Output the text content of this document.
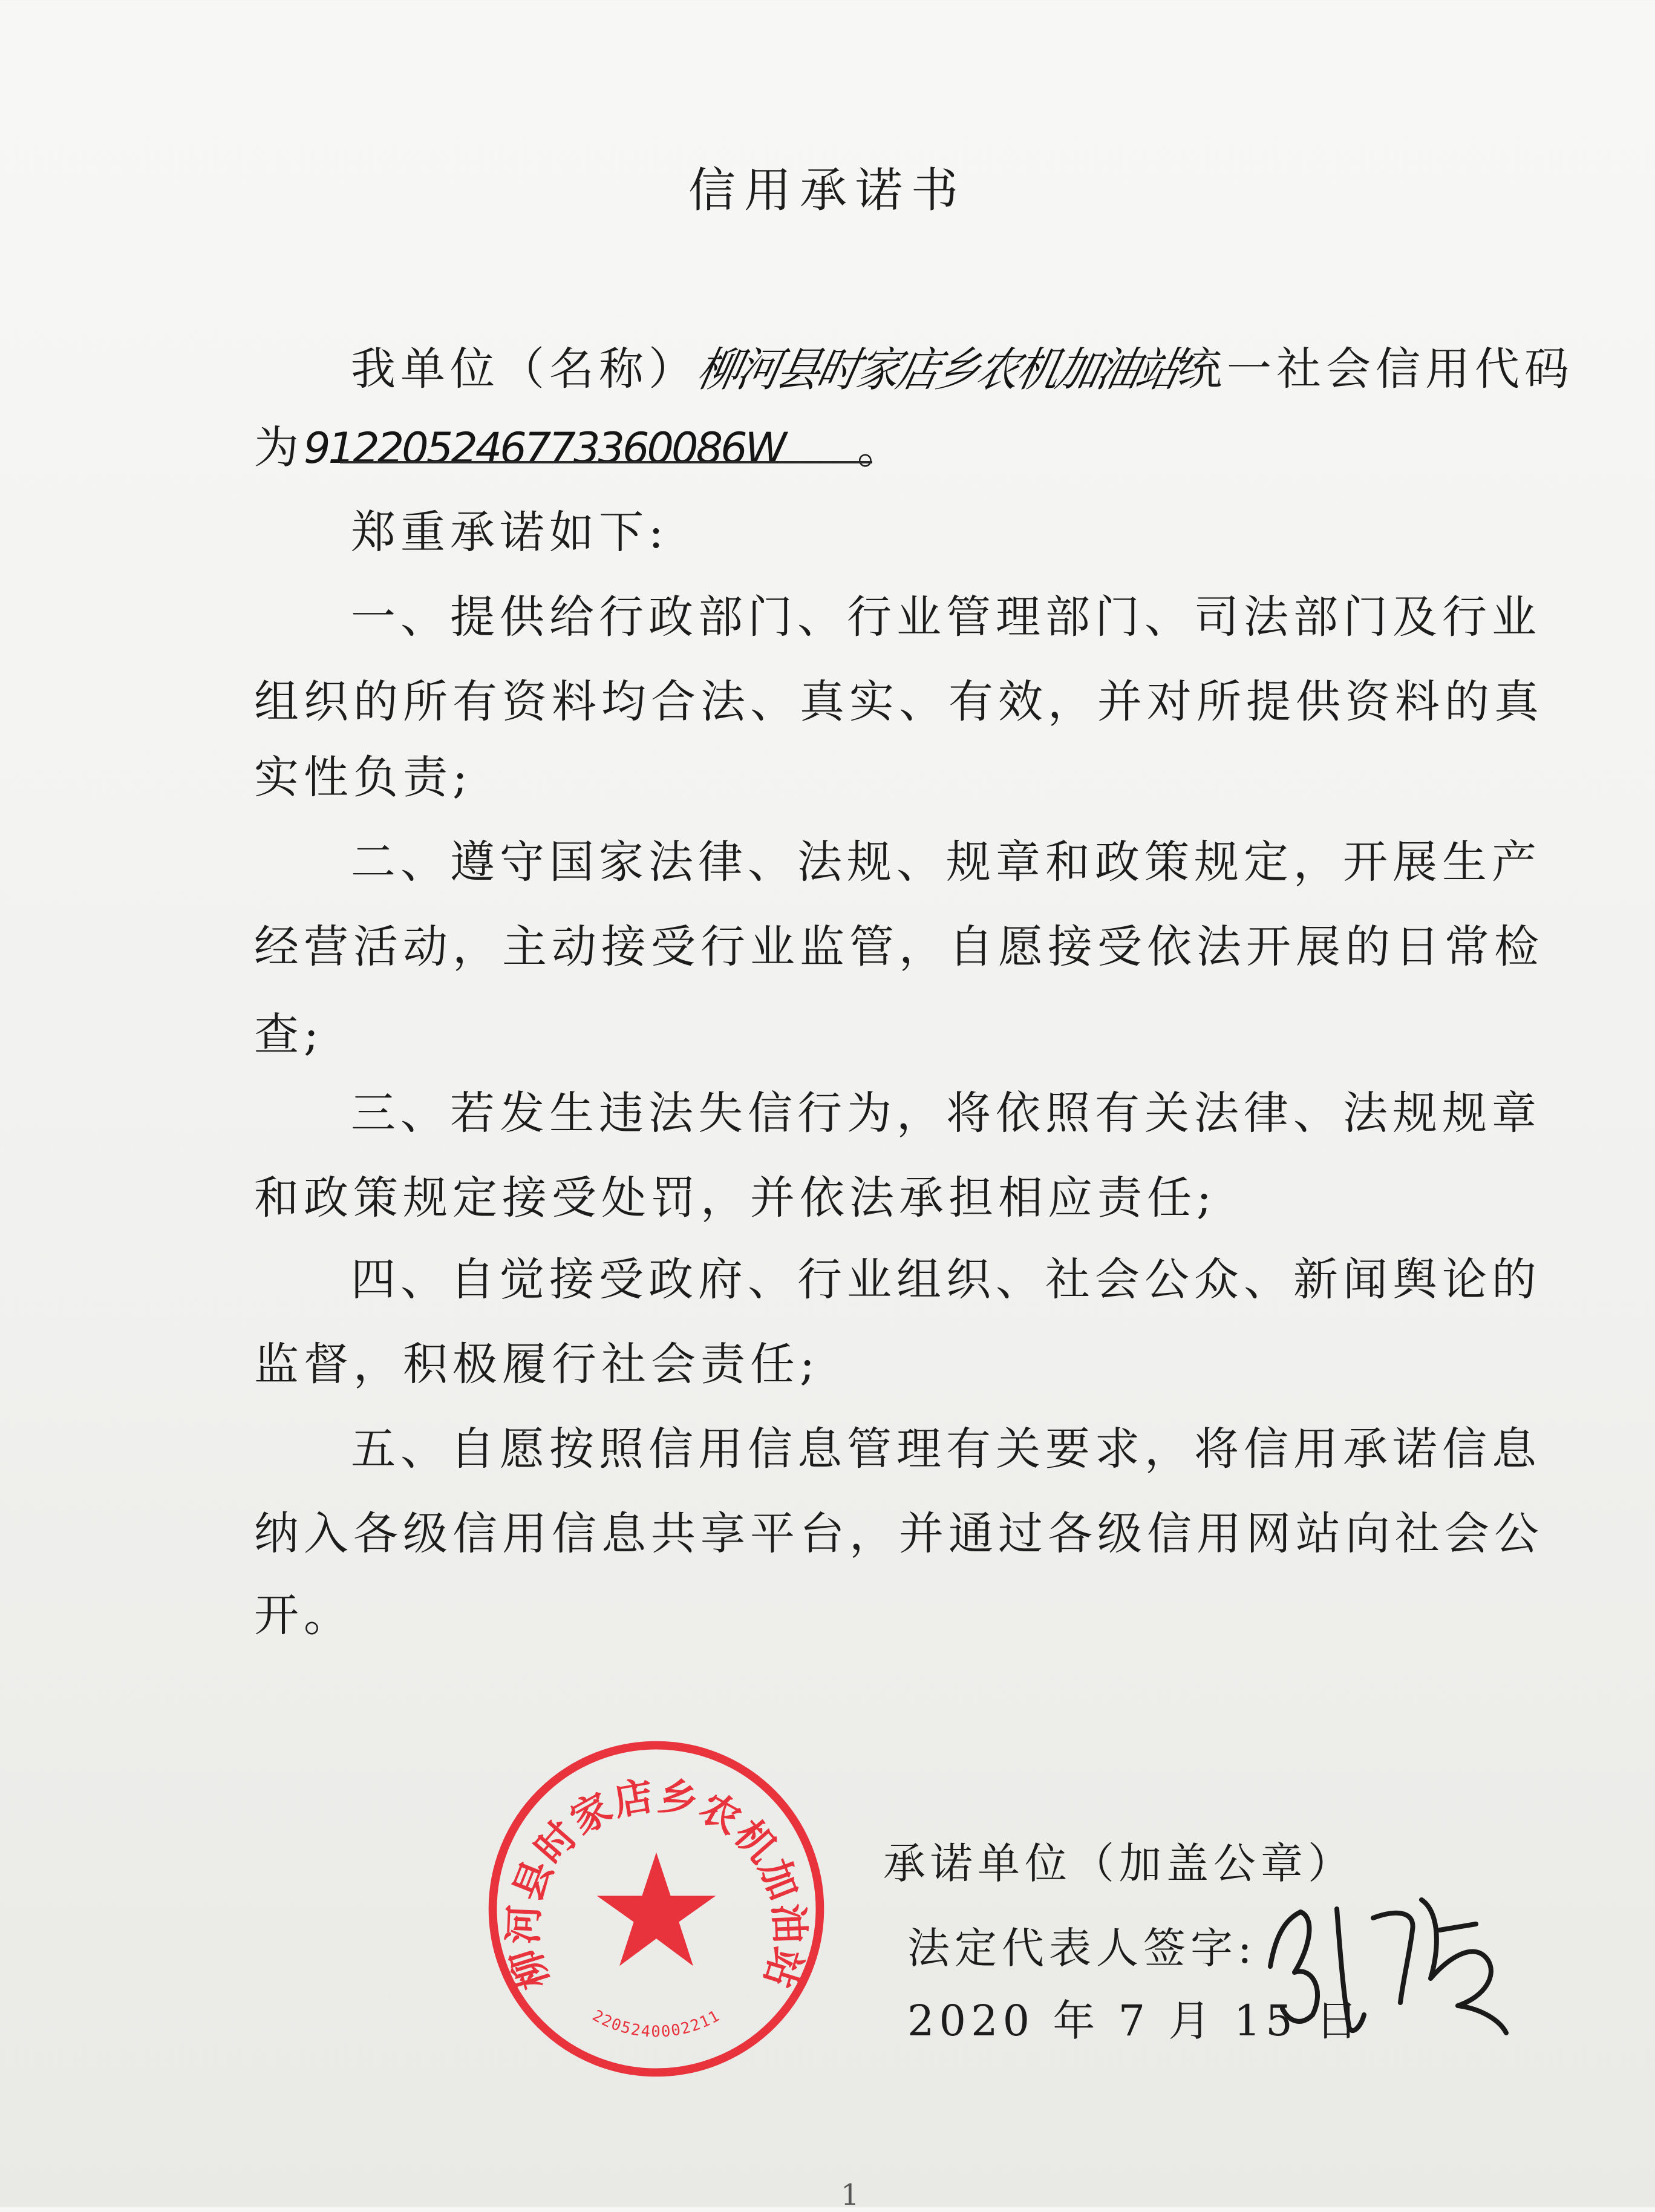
信用承诺书
我单位（名称）柳河县时家店乡农机加油站统一社会信用代码
为912205246773360086W 。
郑重承诺如下:
一、提供给行政部门、行业管理部门、司法部门及行业
组织的所有资料均合法、真实、有效，并对所提供资料的真
实性负责;
二、遵守国家法律、法规、规章和政策规定，开展生产
经营活动，主动接受行业监管，自愿接受依法开展的日常检
查;
三、若发生违法失信行为，将依照有关法律、法规规章
和政策规定接受处罚，并依法承担相应责任;
四、自觉接受政府、行业组织、社会公众、新闻舆论的
监督，积极履行社会责任;
五、自愿按照信用信息管理有关要求，将信用承诺信息
纳入各级信用信息共享平台，并通过各级信用网站向社会公
开。
承诺单位（加盖公章）
法定代表人签字:
2020 年 7 月 15 日
柳河县时家店乡农机加油站
2205240002211
1
